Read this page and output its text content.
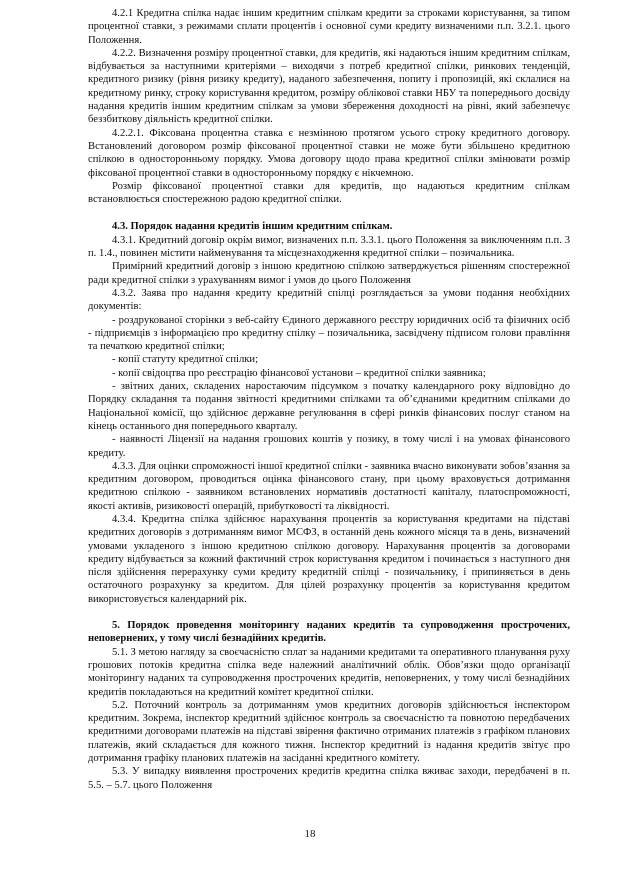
4.2.1 Кредитна спілка надає іншим кредитним спілкам кредити за строками користування, за типом процентної ставки, з режимами сплати процентів і основної суми кредиту визначеними п.п. 3.2.1. цього Положення.

4.2.2. Визначення розміру процентної ставки, для кредитів, які надаються іншим кредитним спілкам, відбувається за наступними критеріями – виходячи з потреб кредитної спілки, ринкових тенденцій, кредитного ризику (рівня ризику кредиту), наданого забезпечення, попиту і пропозицій, які склалися на кредитному ринку, строку користування кредитом, розміру облікової ставки НБУ та попереднього досвіду надання кредитів іншим кредитним спілкам за умови збереження доходності на рівні, який забезпечує беззбиткову діяльність кредитної спілки.

4.2.2.1. Фіксована процентна ставка є незмінною протягом усього строку кредитного договору. Встановлений договором розмір фіксованої процентної ставки не може бути збільшено кредитною спілкою в односторонньому порядку. Умова договору щодо права кредитної спілки змінювати розмір фіксованої процентної ставки в односторонньому порядку є нікчемною.

Розмір фіксованої процентної ставки для кредитів, що надаються кредитним спілкам встановлюється спостережною радою кредитної спілки.

4.3. Порядок надання кредитів іншим кредитним спілкам.

4.3.1. Кредитний договір окрім вимог, визначених п.п. 3.3.1. цього Положення за виключенням п.п. 3 п. 1.4., повинен містити найменування та місцезнаходження кредитної спілки – позичальника.

Примірний кредитний договір з іншою кредитною спілкою затверджується рішенням спостережної ради кредитної спілки з урахуванням вимог і умов до цього Положення

4.3.2. Заява про надання кредиту кредитній спілці розглядається за умови подання необхідних документів:

- роздрукованої сторінки з веб-сайту Єдиного державного реєстру юридичних осіб та фізичних осіб - підприємців з інформацією про кредитну спілку – позичальника, засвідчену підписом голови правління та печаткою кредитної спілки;

- копії статуту кредитної спілки;

- копії свідоцтва про реєстрацію фінансової установи – кредитної спілки заявника;

- звітних даних, складених наростаючим підсумком з початку календарного року відповідно до Порядку складання та подання звітності кредитними спілками та об’єднаними кредитним спілками до Національної комісії, що здійснює державне регулювання в сфері ринків фінансових послуг станом на кінець останнього дня попереднього кварталу.

- наявності Ліцензії на надання грошових коштів у позику, в тому числі і на умовах фінансового кредиту.

4.3.3. Для оцінки спроможності іншої кредитної спілки - заявника вчасно виконувати зобов’язання за кредитним договором, проводиться оцінка фінансового стану, при цьому враховується дотримання кредитною спілкою - заявником встановлених нормативів достатності капіталу, платоспроможності, якості активів, ризиковості операцій, прибутковості та ліквідності.

4.3.4. Кредитна спілка здійснює нарахування процентів за користування кредитами на підставі кредитних договорів з дотриманням вимог МСФЗ, в останній день кожного місяця та в день, визначений умовами укладеного з іншою кредитною спілкою договору. Нарахування процентів за договорами кредиту відбувається за кожний фактичний строк користування кредитом і починається з наступного дня після здійснення перерахунку суми кредиту кредитній спілці - позичальнику, і припиняється в день остаточного розрахунку за кредитом. Для цілей розрахунку процентів за користування кредитом використовується календарний рік.

5. Порядок проведення моніторингу наданих кредитів та супроводження прострочених, неповернених, у тому числі безнадійних кредитів.

5.1. З метою нагляду за своєчасністю сплат за наданими кредитами та оперативного планування руху грошових потоків кредитна спілка веде належний аналітичний облік. Обов’язки щодо організації моніторингу наданих та супроводження прострочених кредитів, неповернених, у тому числі безнадійних кредитів покладаються на кредитний комітет кредитної спілки.

5.2. Поточний контроль за дотриманням умов кредитних договорів здійснюється інспектором кредитним. Зокрема, інспектор кредитний здійснює контроль за своєчасністю та повнотою передбачених кредитними договорами платежів на підставі звірення фактично отриманих платежів з графіком планових платежів, який складається для кожного тижня. Інспектор кредитний із надання кредитів звітує про дотримання графіку планових платежів на засіданні кредитного комітету.

5.3. У випадку виявлення прострочених кредитів кредитна спілка вживає заходи, передбачені в п. 5.5. – 5.7. цього Положення

18
